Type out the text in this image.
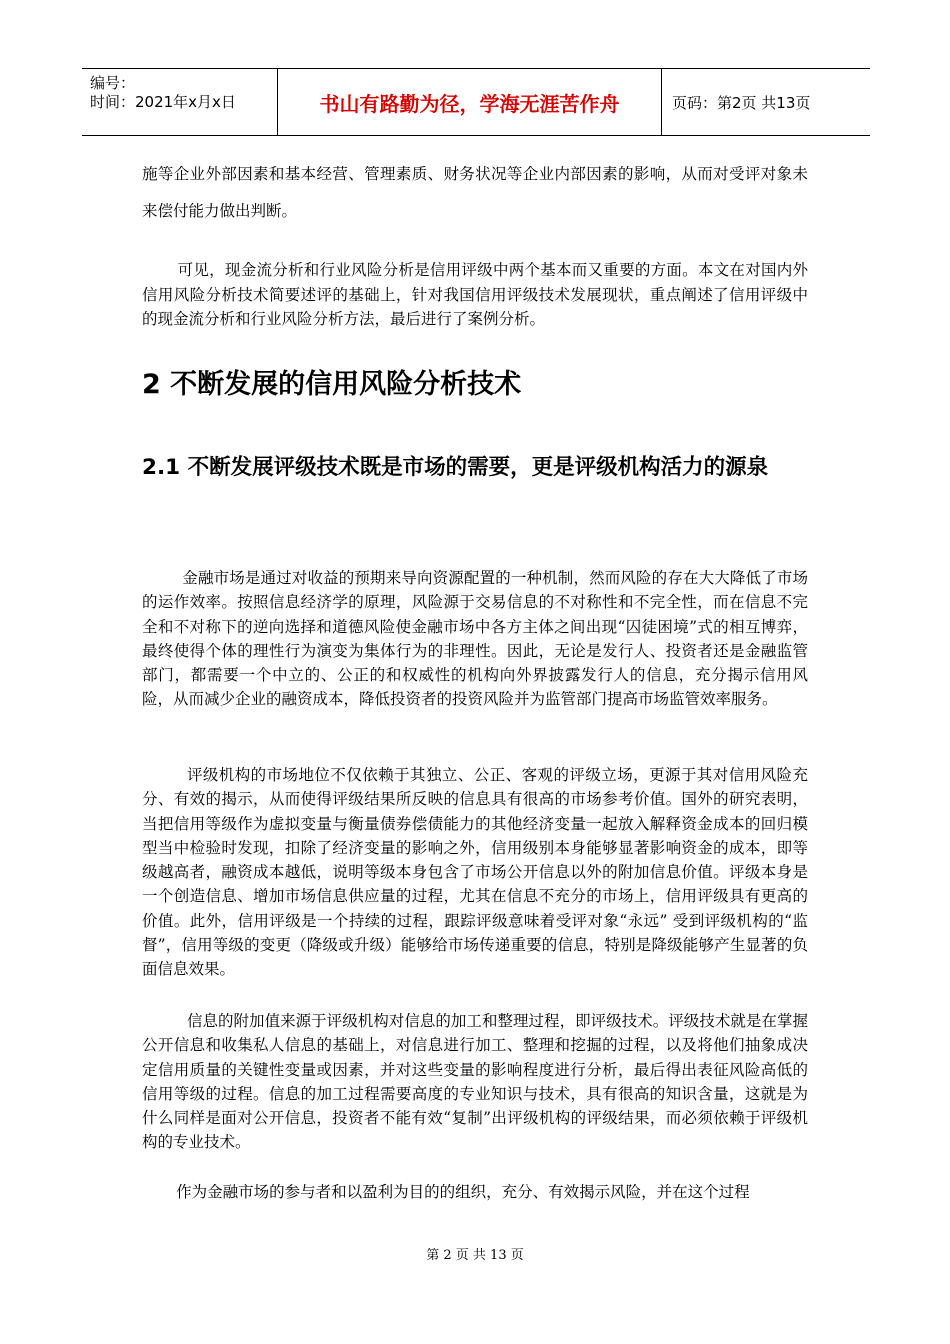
编号：
时间：2021年x月x日	书山有路勤为径，学海无涯苦作舟	页码：第2页 共13页

施等企业外部因素和基本经营、管理素质、财务状况等企业内部因素的影响，从而对受评对象未来偿付能力做出判断。

可见，现金流分析和行业风险分析是信用评级中两个基本而又重要的方面。本文在对国内外信用风险分析技术简要述评的基础上，针对我国信用评级技术发展现状，重点阐述了信用评级中的现金流分析和行业风险分析方法，最后进行了案例分析。

2 不断发展的信用风险分析技术
2.1 不断发展评级技术既是市场的需要，更是评级机构活力的源泉

金融市场是通过对收益的预期来导向资源配置的一种机制，然而风险的存在大大降低了市场的运作效率。按照信息经济学的原理，风险源于交易信息的不对称性和不完全性，而在信息不完全和不对称下的逆向选择和道德风险使金融市场中各方主体之间出现“囚徒困境”式的相互博弈，最终使得个体的理性行为演变为集体行为的非理性。因此，无论是发行人、投资者还是金融监管部门，都需要一个中立的、公正的和权威性的机构向外界披露发行人的信息，充分揭示信用风险，从而减少企业的融资成本，降低投资者的投资风险并为监管部门提高市场监管效率服务。

评级机构的市场地位不仅依赖于其独立、公正、客观的评级立场，更源于其对信用风险充分、有效的揭示，从而使得评级结果所反映的信息具有很高的市场参考价值。国外的研究表明，当把信用等级作为虚拟变量与衡量债券偿债能力的其他经济变量一起放入解释资金成本的回归模型当中检验时发现，扣除了经济变量的影响之外，信用级别本身能够显著影响资金的成本，即等级越高者，融资成本越低，说明等级本身包含了市场公开信息以外的附加信息价值。评级本身是一个创造信息、增加市场信息供应量的过程，尤其在信息不充分的市场上，信用评级具有更高的价值。此外，信用评级是一个持续的过程，跟踪评级意味着受评对象“永远” 受到评级机构的“监督”，信用等级的变更（降级或升级）能够给市场传递重要的信息，特别是降级能够产生显著的负面信息效果。

信息的附加值来源于评级机构对信息的加工和整理过程，即评级技术。评级技术就是在掌握公开信息和收集私人信息的基础上，对信息进行加工、整理和挖掘的过程，以及将他们抽象成决定信用质量的关键性变量或因素，并对这些变量的影响程度进行分析，最后得出表征风险高低的信用等级的过程。信息的加工过程需要高度的专业知识与技术，具有很高的知识含量，这就是为什么同样是面对公开信息，投资者不能有效“复制”出评级机构的评级结果，而必须依赖于评级机构的专业技术。

作为金融市场的参与者和以盈利为目的的组织，充分、有效揭示风险，并在这个过程

第 2 页 共 13 页
